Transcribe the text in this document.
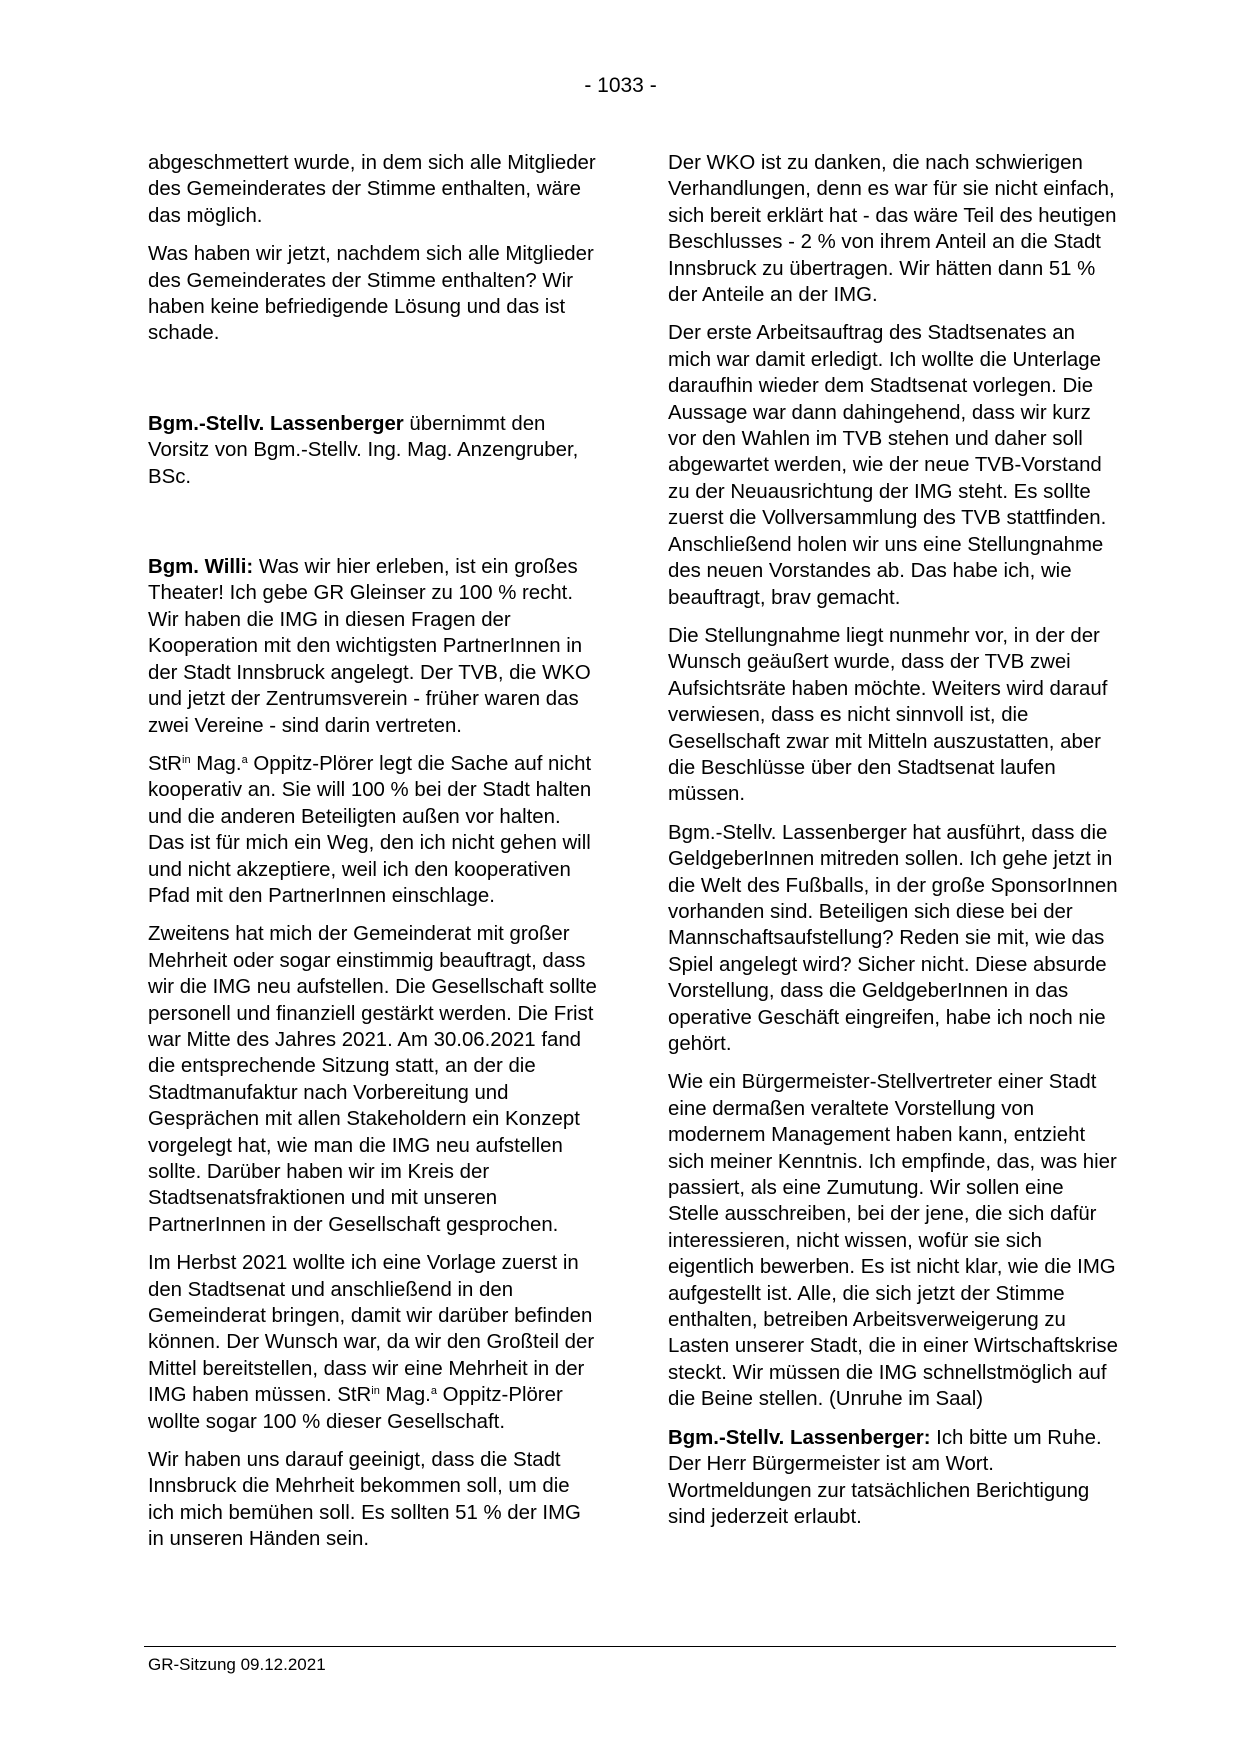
- 1033 -

abgeschmettert wurde, in dem sich alle Mitglieder des Gemeinderates der Stimme enthalten, wäre das möglich.

Was haben wir jetzt, nachdem sich alle Mitglieder des Gemeinderates der Stimme enthalten? Wir haben keine befriedigende Lösung und das ist schade.

Bgm.-Stellv. Lassenberger übernimmt den Vorsitz von Bgm.-Stellv. Ing. Mag. Anzengruber, BSc.

Bgm. Willi: Was wir hier erleben, ist ein großes Theater! Ich gebe GR Gleinser zu 100 % recht. Wir haben die IMG in diesen Fragen der Kooperation mit den wichtigsten PartnerInnen in der Stadt Innsbruck angelegt. Der TVB, die WKO und jetzt der Zentrumsverein - früher waren das zwei Vereine - sind darin vertreten.

StR$^{in}$ Mag.$^a$ Oppitz-Plörer legt die Sache auf nicht kooperativ an. Sie will 100 % bei der Stadt halten und die anderen Beteiligten außen vor halten. Das ist für mich ein Weg, den ich nicht gehen will und nicht akzeptiere, weil ich den kooperativen Pfad mit den PartnerInnen einschlage.

Zweitens hat mich der Gemeinderat mit großer Mehrheit oder sogar einstimmig beauftragt, dass wir die IMG neu aufstellen. Die Gesellschaft sollte personell und finanziell gestärkt werden. Die Frist war Mitte des Jahres 2021. Am 30.06.2021 fand die entsprechende Sitzung statt, an der die Stadtmanufaktur nach Vorbereitung und Gesprächen mit allen Stakeholdern ein Konzept vorgelegt hat, wie man die IMG neu aufstellen sollte. Darüber haben wir im Kreis der Stadtsenatsfraktionen und mit unseren PartnerInnen in der Gesellschaft gesprochen.

Im Herbst 2021 wollte ich eine Vorlage zuerst in den Stadtsenat und anschließend in den Gemeinderat bringen, damit wir darüber befinden können. Der Wunsch war, da wir den Großteil der Mittel bereitstellen, dass wir eine Mehrheit in der IMG haben müssen. StR$^{in}$ Mag.$^a$ Oppitz-Plörer wollte sogar 100 % dieser Gesellschaft.

Wir haben uns darauf geeinigt, dass die Stadt Innsbruck die Mehrheit bekommen soll, um die ich mich bemühen soll. Es sollten 51 % der IMG in unseren Händen sein.

Der WKO ist zu danken, die nach schwierigen Verhandlungen, denn es war für sie nicht einfach, sich bereit erklärt hat - das wäre Teil des heutigen Beschlusses - 2 % von ihrem Anteil an die Stadt Innsbruck zu übertragen. Wir hätten dann 51 % der Anteile an der IMG.

Der erste Arbeitsauftrag des Stadtsenates an mich war damit erledigt. Ich wollte die Unterlage daraufhin wieder dem Stadtsenat vorlegen. Die Aussage war dann dahingehend, dass wir kurz vor den Wahlen im TVB stehen und daher soll abgewartet werden, wie der neue TVB-Vorstand zu der Neuausrichtung der IMG steht. Es sollte zuerst die Vollversammlung des TVB stattfinden. Anschließend holen wir uns eine Stellungnahme des neuen Vorstandes ab. Das habe ich, wie beauftragt, brav gemacht.

Die Stellungnahme liegt nunmehr vor, in der der Wunsch geäußert wurde, dass der TVB zwei Aufsichtsräte haben möchte. Weiters wird darauf verwiesen, dass es nicht sinnvoll ist, die Gesellschaft zwar mit Mitteln auszustatten, aber die Beschlüsse über den Stadtsenat laufen müssen.

Bgm.-Stellv. Lassenberger hat ausführt, dass die GeldgeberInnen mitreden sollen. Ich gehe jetzt in die Welt des Fußballs, in der große SponsorInnen vorhanden sind. Beteiligen sich diese bei der Mannschaftsaufstellung? Reden sie mit, wie das Spiel angelegt wird? Sicher nicht. Diese absurde Vorstellung, dass die GeldgeberInnen in das operative Geschäft eingreifen, habe ich noch nie gehört.

Wie ein Bürgermeister-Stellvertreter einer Stadt eine dermaßen veraltete Vorstellung von modernem Management haben kann, entzieht sich meiner Kenntnis. Ich empfinde, das, was hier passiert, als eine Zumutung. Wir sollen eine Stelle ausschreiben, bei der jene, die sich dafür interessieren, nicht wissen, wofür sie sich eigentlich bewerben. Es ist nicht klar, wie die IMG aufgestellt ist. Alle, die sich jetzt der Stimme enthalten, betreiben Arbeitsverweigerung zu Lasten unserer Stadt, die in einer Wirtschaftskrise steckt. Wir müssen die IMG schnellstmöglich auf die Beine stellen. (Unruhe im Saal)

Bgm.-Stellv. Lassenberger: Ich bitte um Ruhe. Der Herr Bürgermeister ist am Wort. Wortmeldungen zur tatsächlichen Berichtigung sind jederzeit erlaubt.

GR-Sitzung 09.12.2021
